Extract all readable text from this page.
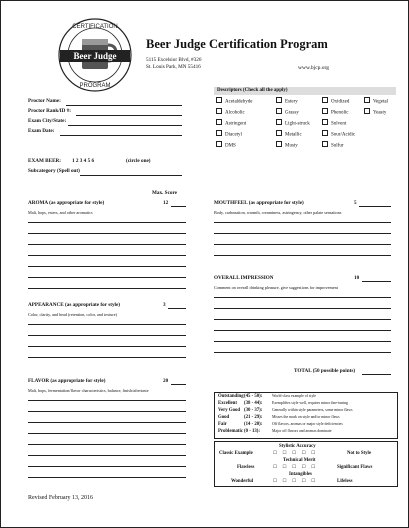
Beer Judge
CERTIFICATION
PROGRAM
Beer Judge Certification Program
5115 Excelsior Blvd, #326
St. Louis Park, MN 55416	www.bjcp.org
Proctor Name:
Proctor Rank/ID #:
Exam City/State:
Exam Date:
Descriptors (Check all the apply)
Acetaldehyde	Estery	Oxidized	Vegetal
Alcoholic	Grassy	Phenolic	Yeasty
Astringent	Light-struck	Solvent
Diacetyl	Metallic	Sour/Acidic
DMS	Musty	Sulfur
EXAM BEER: 1 2 3 4 5 6	(circle one)
Subcategory (Spell out)
Max. Score
AROMA (as appropriate for style)	12
Malt, hops, esters, and other aromatics
APPEARANCE (as appropriate for style)	3
Color, clarity, and head (retention, color, and texture)
FLAVOR (as appropriate for style)	20
Malt, hops, fermentation/flavor characteristics, balance, finish/aftertaste
MOUTHFEEL (as appropriate for style)	5
Body, carbonation, warmth, creaminess, astringency, other palate sensations
OVERALL IMPRESSION	10
Comment on overall drinking pleasure, give suggestions for improvement
TOTAL (50 possible points)
Outstanding(45 - 50):	World-class example of style
Excellent (38 - 44):	Exemplifies style well, requires minor fine-tuning
Very Good (30 - 37):	Generally within style parameters, some minor flaws
Good	(21 - 29):	Misses the mark on style and/or minor flaws
Fair	(14 - 20):	Off flavors, aromas or major style deficiencies
Problematic(0 - 13):	Major off flavors and aromas dominate
Stylistic Accuracy
Classic Example	☐ ☐ ☐ ☐ ☐	Not to Style
Technical Merit
Flawless	☐ ☐ ☐ ☐ ☐	Significant Flaws
Intangibles
Wonderful	☐ ☐ ☐ ☐ ☐	Lifeless
Revised February 13, 2016
